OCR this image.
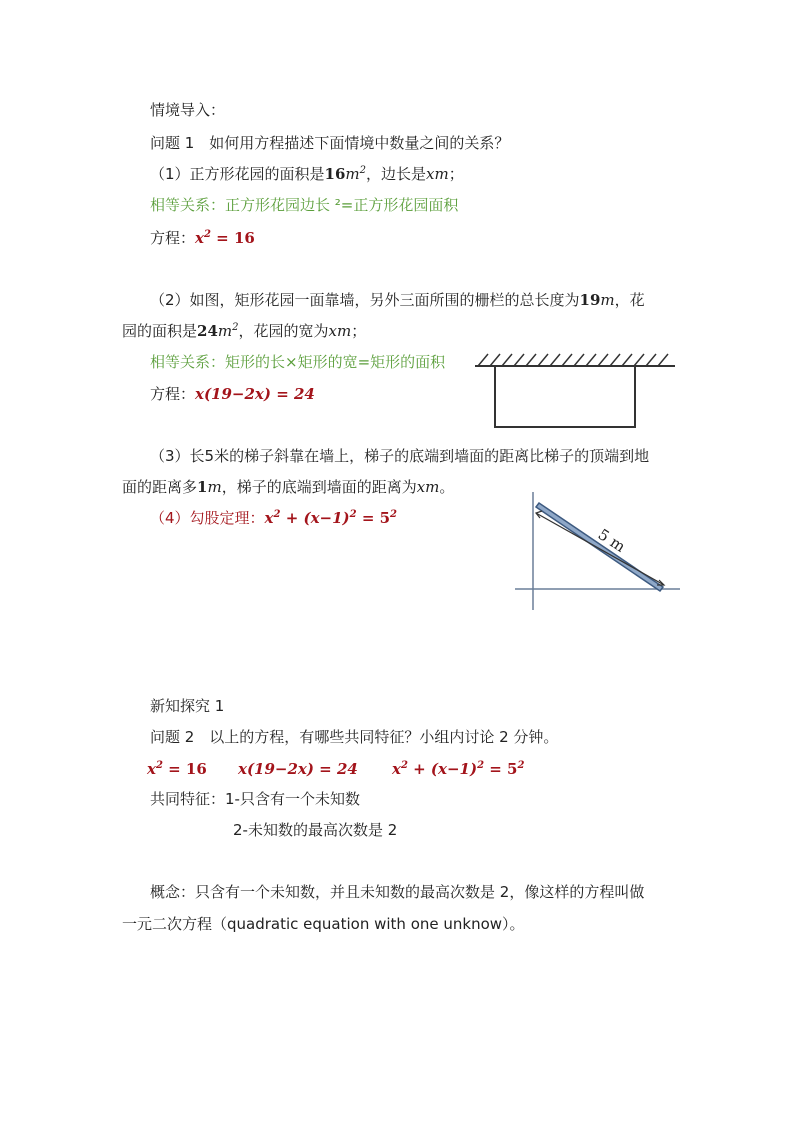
情境导入：
问题 1　如何用方程描述下面情境中数量之间的关系？
（1）正方形花园的面积是$16m^2$，边长是xm；
相等关系：正方形花园边长 ²=正方形花园面积
方程：$x^2 = 16$
（2）如图，矩形花园一面靠墙，另外三面所围的栅栏的总长度为19m，花
园的面积是$24m^2$，花园的宽为xm；
相等关系：矩形的长×矩形的宽=矩形的面积
方程：x(19−2x) = 24
（3）长5米的梯子斜靠在墙上，梯子的底端到墙面的距离比梯子的顶端到地
面的距离多1m，梯子的底端到墙面的距离为xm。
（4）勾股定理：$x^2 + (x-1)^2 = 5^2$
5 m
新知探究 1
问题 2　以上的方程，有哪些共同特征？小组内讨论 2 分钟。
$x^2 = 16$ x(19−2x) = 24 $x^2 + (x-1)^2 = 5^2$
共同特征：1-只含有一个未知数
2-未知数的最高次数是 2
概念：只含有一个未知数，并且未知数的最高次数是 2，像这样的方程叫做
一元二次方程（quadratic equation with one unknow）。
